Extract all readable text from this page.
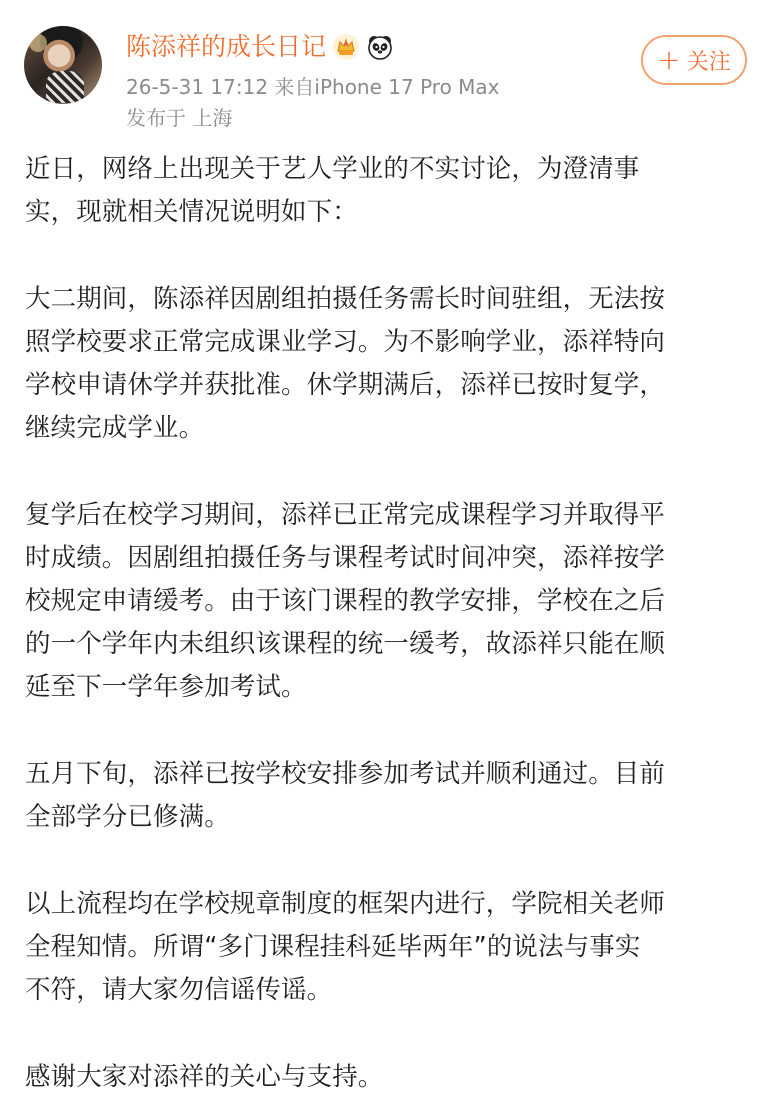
陈添祥的成长日记
26-5-31 17:12 来自iPhone 17 Pro Max
发布于 上海
+ 关注

近日，网络上出现关于艺人学业的不实讨论，为澄清事
实，现就相关情况说明如下：

大二期间，陈添祥因剧组拍摄任务需长时间驻组，无法按
照学校要求正常完成课业学习。为不影响学业，添祥特向
学校申请休学并获批准。休学期满后，添祥已按时复学，
继续完成学业。

复学后在校学习期间，添祥已正常完成课程学习并取得平
时成绩。因剧组拍摄任务与课程考试时间冲突，添祥按学
校规定申请缓考。由于该门课程的教学安排，学校在之后
的一个学年内未组织该课程的统一缓考，故添祥只能在顺
延至下一学年参加考试。

五月下旬，添祥已按学校安排参加考试并顺利通过。目前
全部学分已修满。

以上流程均在学校规章制度的框架内进行，学院相关老师
全程知情。所谓“多门课程挂科延毕两年”的说法与事实
不符，请大家勿信谣传谣。

感谢大家对添祥的关心与支持。
